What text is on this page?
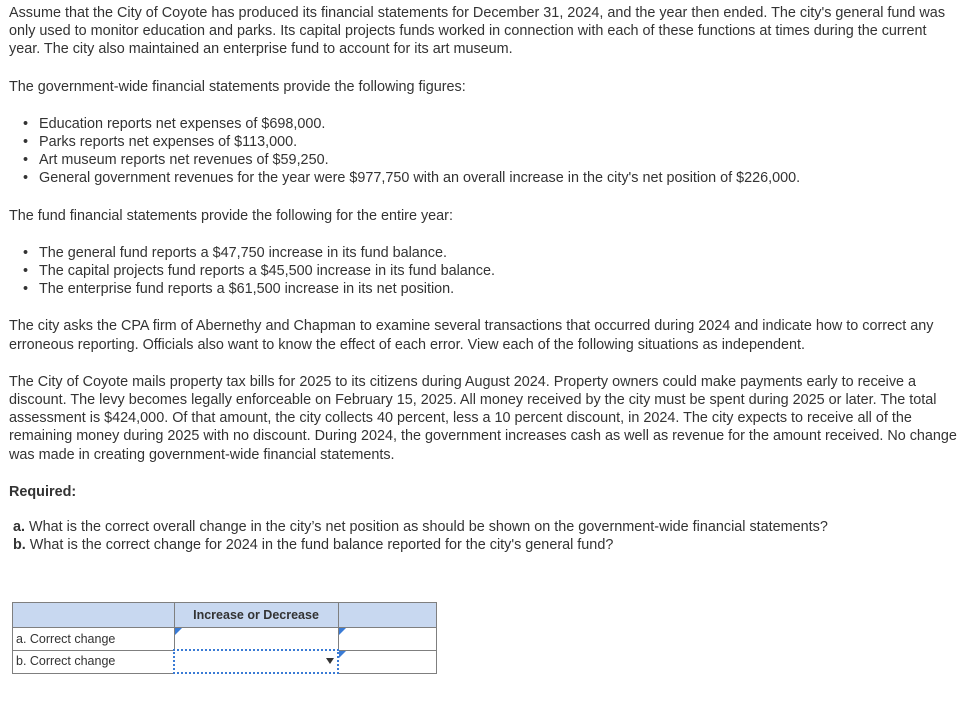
Assume that the City of Coyote has produced its financial statements for December 31, 2024, and the year then ended. The city's general fund was only used to monitor education and parks. Its capital projects funds worked in connection with each of these functions at times during the current year. The city also maintained an enterprise fund to account for its art museum.

The government-wide financial statements provide the following figures:

• Education reports net expenses of $698,000.
• Parks reports net expenses of $113,000.
• Art museum reports net revenues of $59,250.
• General government revenues for the year were $977,750 with an overall increase in the city's net position of $226,000.

The fund financial statements provide the following for the entire year:

• The general fund reports a $47,750 increase in its fund balance.
• The capital projects fund reports a $45,500 increase in its fund balance.
• The enterprise fund reports a $61,500 increase in its net position.

The city asks the CPA firm of Abernethy and Chapman to examine several transactions that occurred during 2024 and indicate how to correct any erroneous reporting. Officials also want to know the effect of each error. View each of the following situations as independent.

The City of Coyote mails property tax bills for 2025 to its citizens during August 2024. Property owners could make payments early to receive a discount. The levy becomes legally enforceable on February 15, 2025. All money received by the city must be spent during 2025 or later. The total assessment is $424,000. Of that amount, the city collects 40 percent, less a 10 percent discount, in 2024. The city expects to receive all of the remaining money during 2025 with no discount. During 2024, the government increases cash as well as revenue for the amount received. No change was made in creating government-wide financial statements.

Required:

a. What is the correct overall change in the city’s net position as should be shown on the government-wide financial statements?

b. What is the correct change for 2024 in the fund balance reported for the city's general fund?

	Increase or Decrease	
a. Correct change	

b. Correct change	
